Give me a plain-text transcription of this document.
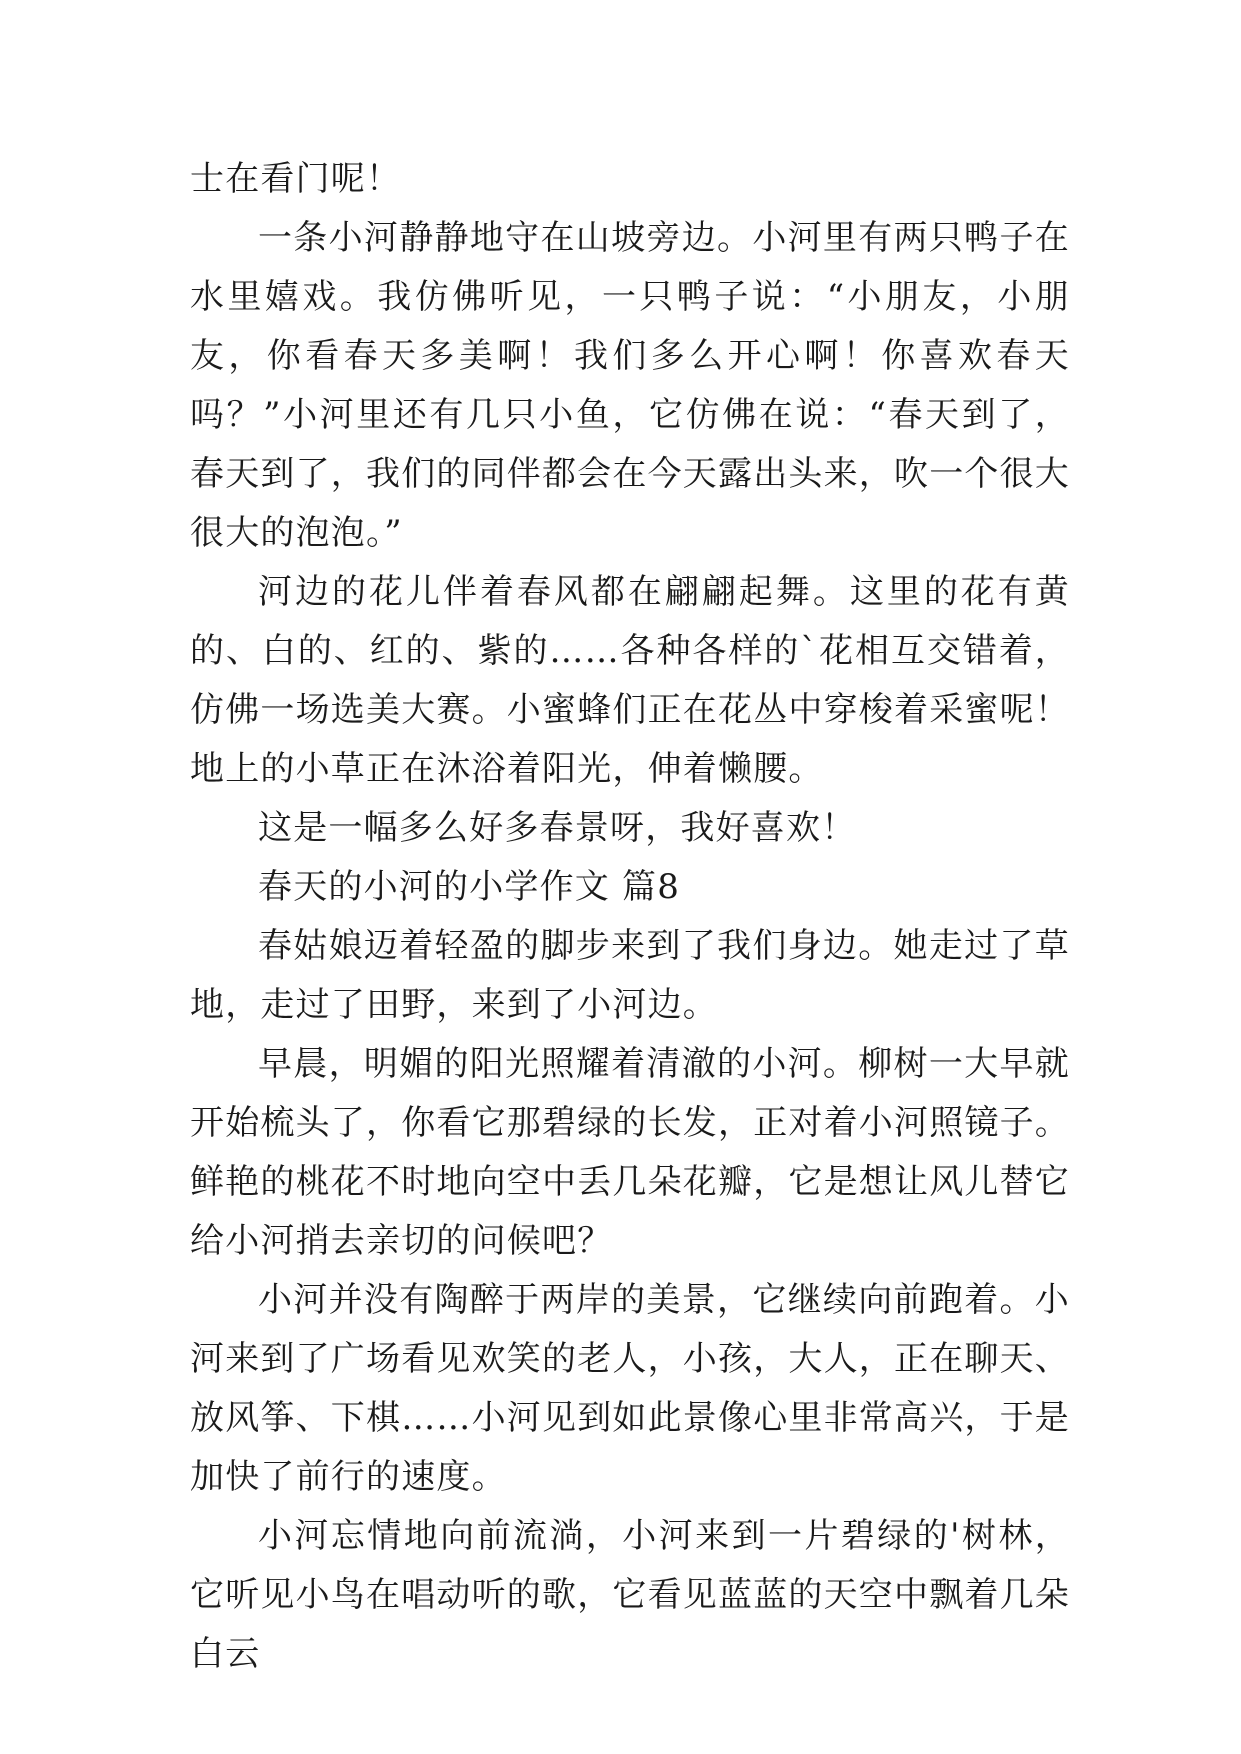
士在看门呢！

一条小河静静地守在山坡旁边。小河里有两只鸭子在水里嬉戏。我仿佛听见，一只鸭子说：“小朋友，小朋友，你看春天多美啊！我们多么开心啊！你喜欢春天吗？”小河里还有几只小鱼，它仿佛在说：“春天到了，春天到了，我们的同伴都会在今天露出头来，吹一个很大很大的泡泡。”

河边的花儿伴着春风都在翩翩起舞。这里的花有黄的、白的、红的、紫的……各种各样的`花相互交错着，仿佛一场选美大赛。小蜜蜂们正在花丛中穿梭着采蜜呢！地上的小草正在沐浴着阳光，伸着懒腰。

这是一幅多么好多春景呀，我好喜欢！

春天的小河的小学作文 篇8

春姑娘迈着轻盈的脚步来到了我们身边。她走过了草地，走过了田野，来到了小河边。

早晨，明媚的阳光照耀着清澈的小河。柳树一大早就开始梳头了，你看它那碧绿的长发，正对着小河照镜子。鲜艳的桃花不时地向空中丢几朵花瓣，它是想让风儿替它给小河捎去亲切的问候吧？

小河并没有陶醉于两岸的美景，它继续向前跑着。小河来到了广场看见欢笑的老人，小孩，大人，正在聊天、放风筝、下棋……小河见到如此景像心里非常高兴，于是加快了前行的速度。

小河忘情地向前流淌，小河来到一片碧绿的'树林，它听见小鸟在唱动听的歌，它看见蓝蓝的天空中飘着几朵白云
